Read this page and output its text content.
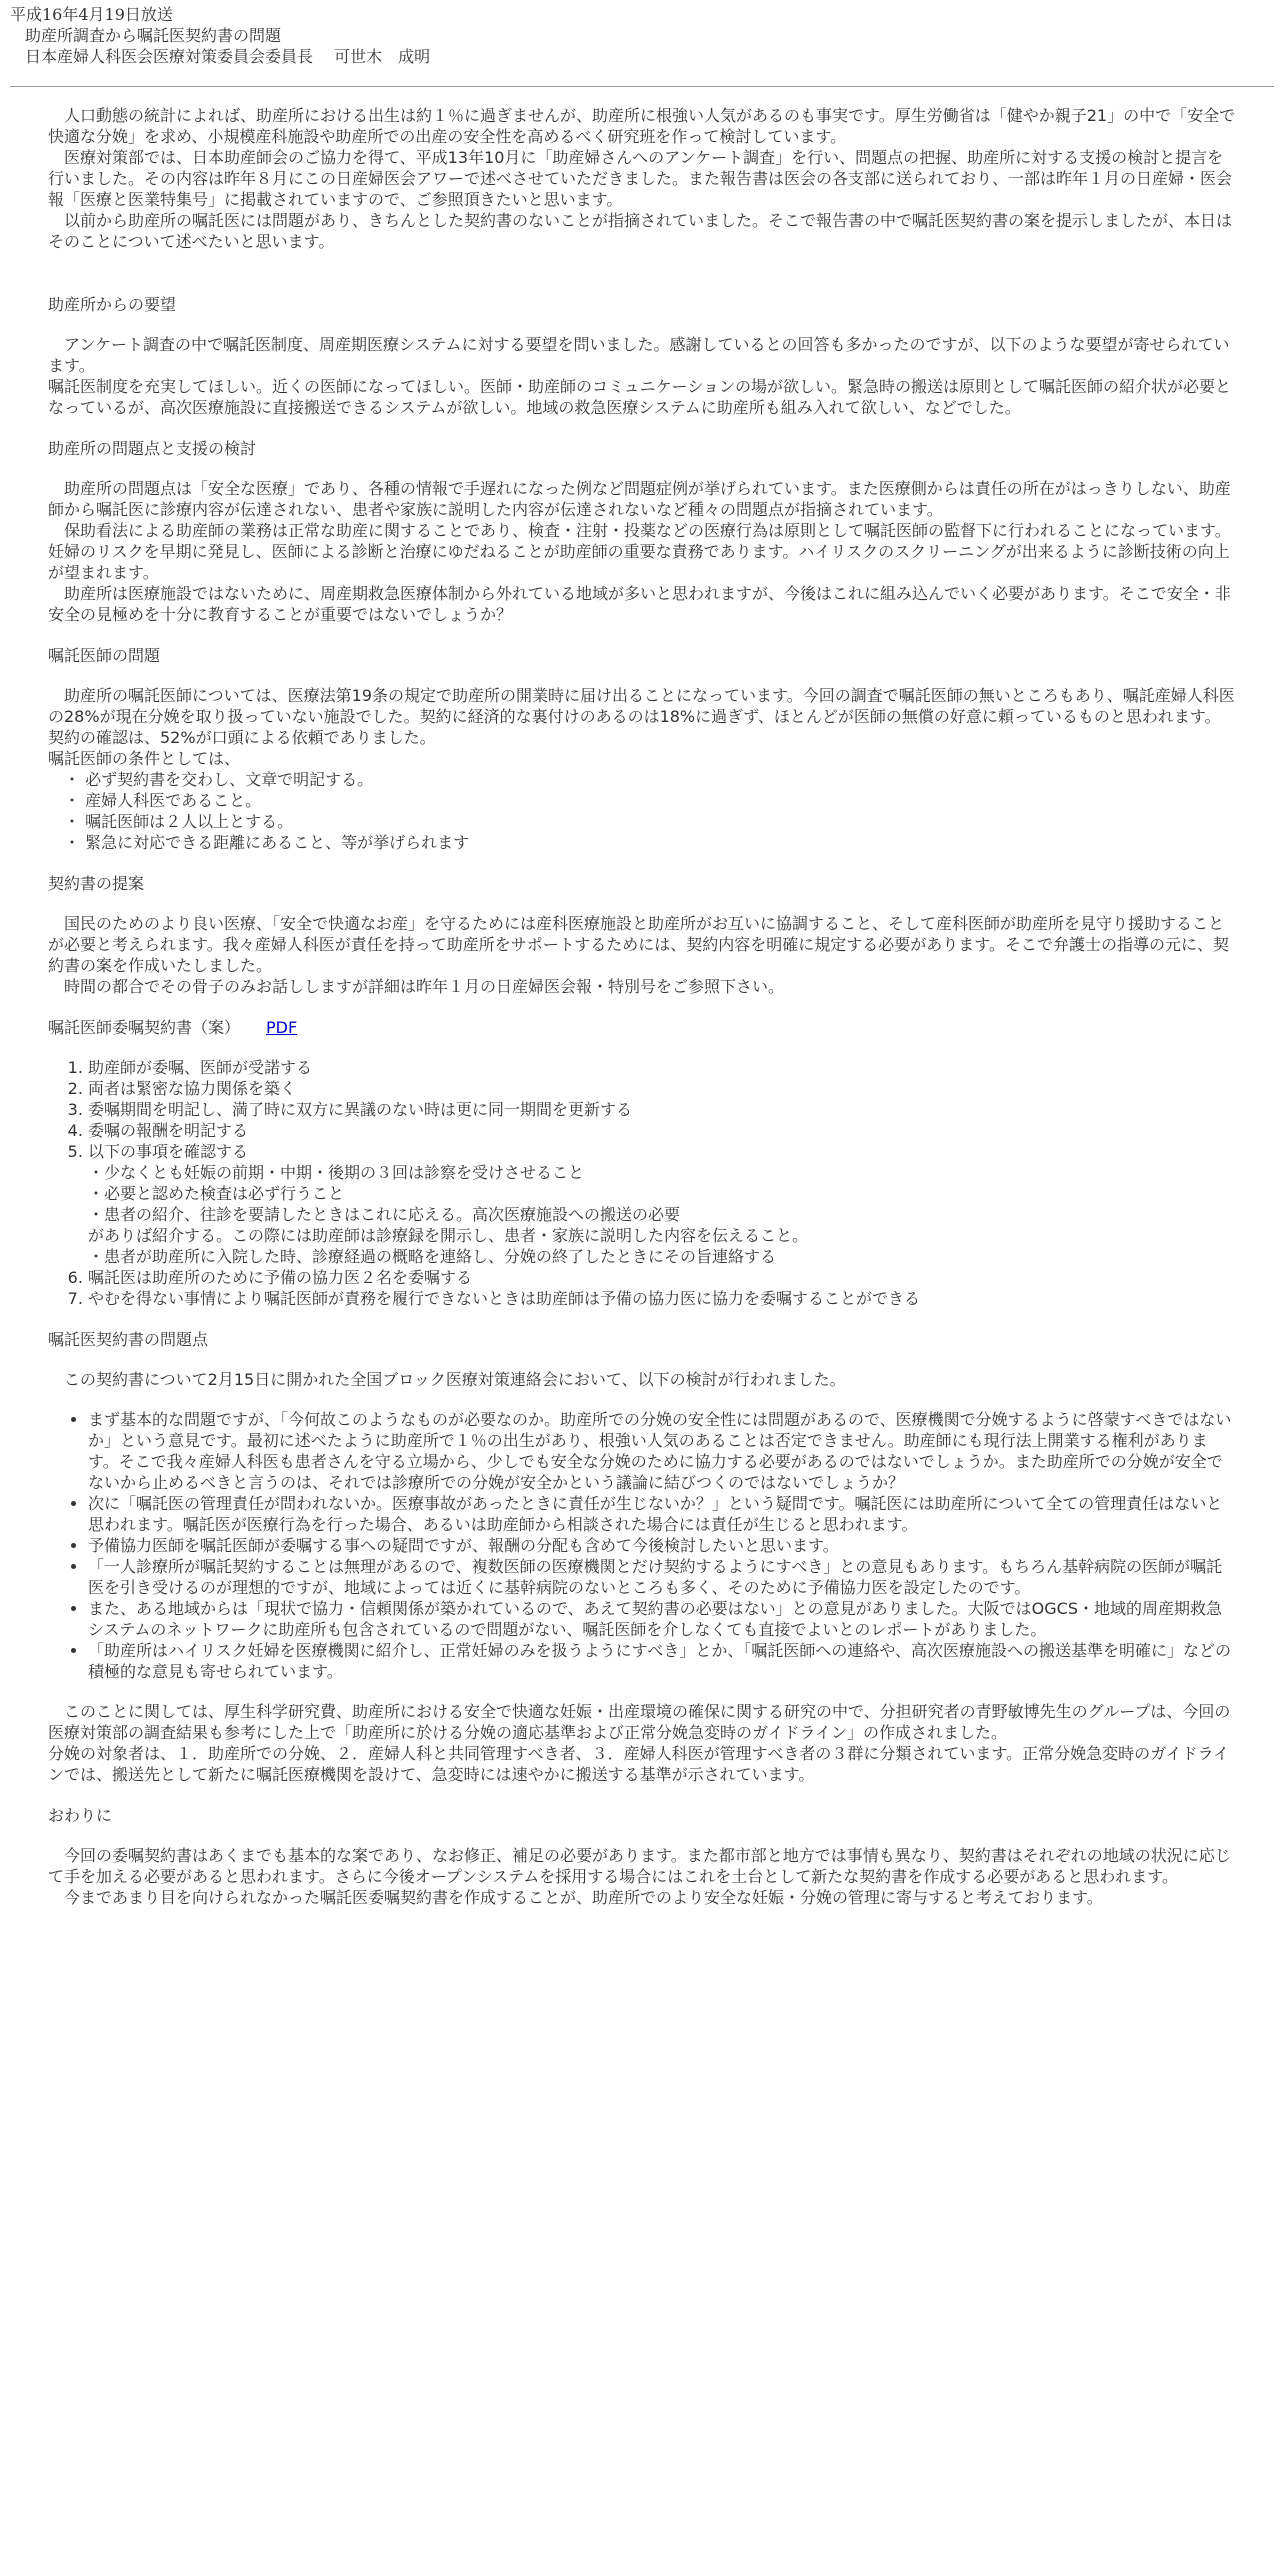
平成16年4月19日放送
助産所調査から嘱託医契約書の問題
日本産婦人科医会医療対策委員会委員長　 可世木　成明

人口動態の統計によれば、助産所における出生は約１％に過ぎませんが、助産所に根強い人気があるのも事実です。厚生労働省は「健やか親子21」の中で「安全で快適な分娩」を求め、小規模産科施設や助産所での出産の安全性を高めるべく研究班を作って検討しています。

医療対策部では、日本助産師会のご協力を得て、平成13年10月に「助産婦さんへのアンケート調査」を行い、問題点の把握、助産所に対する支援の検討と提言を行いました。その内容は昨年８月にこの日産婦医会アワーで述べさせていただきました。また報告書は医会の各支部に送られており、一部は昨年１月の日産婦・医会報「医療と医業特集号」に掲載されていますので、ご参照頂きたいと思います。

以前から助産所の嘱託医には問題があり、きちんとした契約書のないことが指摘されていました。そこで報告書の中で嘱託医契約書の案を提示しましたが、本日はそのことについて述べたいと思います。

助産所からの要望

アンケート調査の中で嘱託医制度、周産期医療システムに対する要望を問いました。感謝しているとの回答も多かったのですが、以下のような要望が寄せられています。

嘱託医制度を充実してほしい。近くの医師になってほしい。医師・助産師のコミュニケーションの場が欲しい。緊急時の搬送は原則として嘱託医師の紹介状が必要となっているが、高次医療施設に直接搬送できるシステムが欲しい。地域の救急医療システムに助産所も組み入れて欲しい、などでした。

助産所の問題点と支援の検討

助産所の問題点は「安全な医療」であり、各種の情報で手遅れになった例など問題症例が挙げられています。また医療側からは責任の所在がはっきりしない、助産師から嘱託医に診療内容が伝達されない、患者や家族に説明した内容が伝達されないなど種々の問題点が指摘されています。

保助看法による助産師の業務は正常な助産に関することであり、検査・注射・投薬などの医療行為は原則として嘱託医師の監督下に行われることになっています。妊婦のリスクを早期に発見し、医師による診断と治療にゆだねることが助産師の重要な責務であります。ハイリスクのスクリーニングが出来るように診断技術の向上が望まれます。

助産所は医療施設ではないために、周産期救急医療体制から外れている地域が多いと思われますが、今後はこれに組み込んでいく必要があります。そこで安全・非安全の見極めを十分に教育することが重要ではないでしょうか？

嘱託医師の問題

助産所の嘱託医師については、医療法第19条の規定で助産所の開業時に届け出ることになっています。今回の調査で嘱託医師の無いところもあり、嘱託産婦人科医の28%が現在分娩を取り扱っていない施設でした。契約に経済的な裏付けのあるのは18%に過ぎず、ほとんどが医師の無償の好意に頼っているものと思われます。契約の確認は、52%が口頭による依頼でありました。

嘱託医師の条件としては、

・ 必ず契約書を交わし、文章で明記する。
・ 産婦人科医であること。
・ 嘱託医師は２人以上とする。
・ 緊急に対応できる距離にあること、等が挙げられます
契約書の提案

国民のためのより良い医療、「安全で快適なお産」を守るためには産科医療施設と助産所がお互いに協調すること、そして産科医師が助産所を見守り援助することが必要と考えられます。我々産婦人科医が責任を持って助産所をサポートするためには、契約内容を明確に規定する必要があります。そこで弁護士の指導の元に、契約書の案を作成いたしました。

時間の都合でその骨子のみお話ししますが詳細は昨年１月の日産婦医会報・特別号をご参照下さい。

嘱託医師委嘱契約書（案） PDF
1. 助産師が委嘱、医師が受諾する
2. 両者は緊密な協力関係を築く
3. 委嘱期間を明記し、満了時に双方に異議のない時は更に同一期間を更新する
4. 委嘱の報酬を明記する
5. 以下の事項を確認する
・少なくとも妊娠の前期・中期・後期の３回は診察を受けさせること
・必要と認めた検査は必ず行うこと
・患者の紹介、往診を要請したときはこれに応える。高次医療施設への搬送の必要
がありば紹介する。この際には助産師は診療録を開示し、患者・家族に説明した内容を伝えること。
・患者が助産所に入院した時、診療経過の概略を連絡し、分娩の終了したときにその旨連絡する
6. 嘱託医は助産所のために予備の協力医２名を委嘱する
7. やむを得ない事情により嘱託医師が責務を履行できないときは助産師は予備の協力医に協力を委嘱することができる
嘱託医契約書の問題点

この契約書について2月15日に開かれた全国ブロック医療対策連絡会において、以下の検討が行われました。

• まず基本的な問題ですが、「今何故このようなものが必要なのか。助産所での分娩の安全性には問題があるので、医療機関で分娩するように啓蒙すべきではないか」という意見です。最初に述べたように助産所で１％の出生があり、根強い人気のあることは否定できません。助産師にも現行法上開業する権利があります。そこで我々産婦人科医も患者さんを守る立場から、少しでも安全な分娩のために協力する必要があるのではないでしょうか。また助産所での分娩が安全でないから止めるべきと言うのは、それでは診療所での分娩が安全かという議論に結びつくのではないでしょうか？
• 次に「嘱託医の管理責任が問われないか。医療事故があったときに責任が生じないか？」という疑問です。嘱託医には助産所について全ての管理責任はないと思われます。嘱託医が医療行為を行った場合、あるいは助産師から相談された場合には責任が生じると思われます。
• 予備協力医師を嘱託医師が委嘱する事への疑問ですが、報酬の分配も含めて今後検討したいと思います。
• 「一人診療所が嘱託契約することは無理があるので、複数医師の医療機関とだけ契約するようにすべき」との意見もあります。もちろん基幹病院の医師が嘱託医を引き受けるのが理想的ですが、地域によっては近くに基幹病院のないところも多く、そのために予備協力医を設定したのです。
• また、ある地域からは「現状で協力・信頼関係が築かれているので、あえて契約書の必要はない」との意見がありました。大阪ではOGCS・地域的周産期救急システムのネットワークに助産所も包含されているので問題がない、嘱託医師を介しなくても直接でよいとのレポートがありました。
• 「助産所はハイリスク妊婦を医療機関に紹介し、正常妊婦のみを扱うようにすべき」とか、「嘱託医師への連絡や、高次医療施設への搬送基準を明確に」などの積極的な意見も寄せられています。

このことに関しては、厚生科学研究費、助産所における安全で快適な妊娠・出産環境の確保に関する研究の中で、分担研究者の青野敏博先生のグループは、今回の医療対策部の調査結果も参考にした上で「助産所に於ける分娩の適応基準および正常分娩急変時のガイドライン」の作成されました。

分娩の対象者は、１．助産所での分娩、２．産婦人科と共同管理すべき者、３．産婦人科医が管理すべき者の３群に分類されています。正常分娩急変時のガイドラインでは、搬送先として新たに嘱託医療機関を設けて、急変時には速やかに搬送する基準が示されています。

おわりに

今回の委嘱契約書はあくまでも基本的な案であり、なお修正、補足の必要があります。また都市部と地方では事情も異なり、契約書はそれぞれの地域の状況に応じて手を加える必要があると思われます。さらに今後オープンシステムを採用する場合にはこれを土台として新たな契約書を作成する必要があると思われます。

今まであまり目を向けられなかった嘱託医委嘱契約書を作成することが、助産所でのより安全な妊娠・分娩の管理に寄与すると考えております。
